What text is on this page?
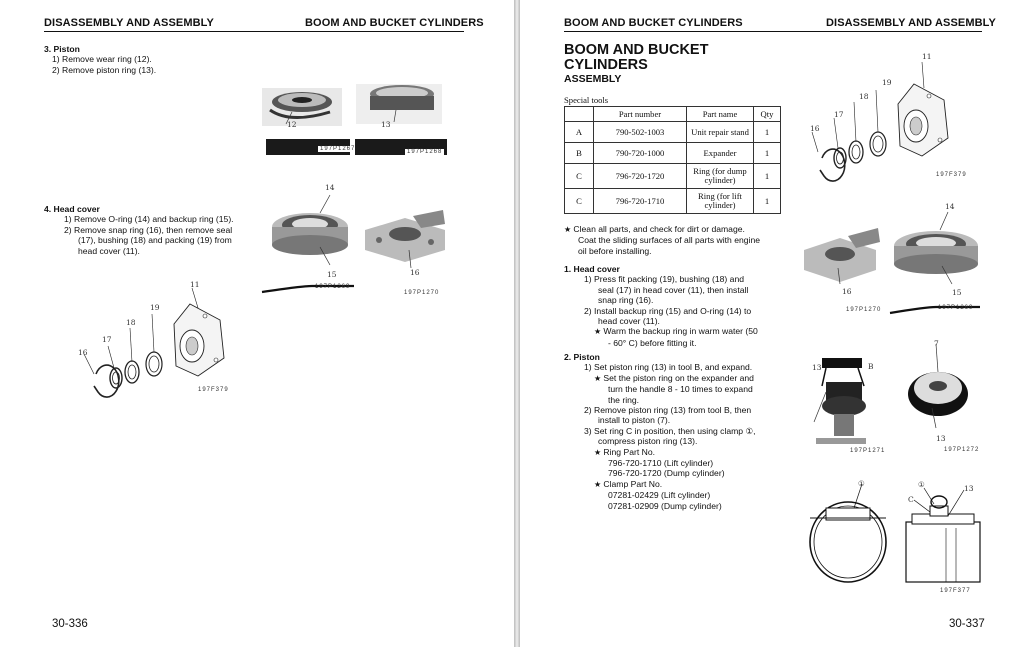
DISASSEMBLY AND ASSEMBLY	BOOM AND BUCKET CYLINDERS
3. Piston
1) Remove wear ring (12).
2) Remove piston ring (13).
4. Head cover
1) Remove O-ring (14) and backup ring (15).
2) Remove snap ring (16), then remove seal (17), bushing (18) and packing (19) from head cover (11).
12	13
197P1267	197P1268
14
15
197P1269
16
197P1270
11
19
18
17
16
197F379
30-336
BOOM AND BUCKET CYLINDERS	DISASSEMBLY AND ASSEMBLY
BOOM AND BUCKET
CYLINDERS
ASSEMBLY
Special tools
	Part number	Part name	Qty
A	790-502-1003	Unit repair stand	1
B	790-720-1000	Expander	1
C	796-720-1720	Ring (for dump cylinder)	1
C	796-720-1710	Ring (for lift cylinder)	1
★ Clean all parts, and check for dirt or damage. Coat the sliding surfaces of all parts with engine oil before installing.
1. Head cover
1) Press fit packing (19), bushing (18) and seal (17) in head cover (11), then install snap ring (16).
2) Install backup ring (15) and O-ring (14) to head cover (11).
★ Warm the backup ring in warm water (50 - 60° C) before fitting it.
2. Piston
1) Set piston ring (13) in tool B, and expand.
★ Set the piston ring on the expander and turn the handle 8 - 10 times to expand the ring.
2) Remove piston ring (13) from tool B, then install to piston (7).
3) Set ring C in position, then using clamp ①, compress piston ring (13).
★ Ring Part No.
796-720-1710 (Lift cylinder)
796-720-1720 (Dump cylinder)
★ Clamp Part No.
07281-02429 (Lift cylinder)
07281-02909 (Dump cylinder)
11
19
18
17
16
197F379
16
197P1270
14
15
197P1269
13	B
197P1271
7
13
197P1272
①	①
C
13
197F377
30-337
